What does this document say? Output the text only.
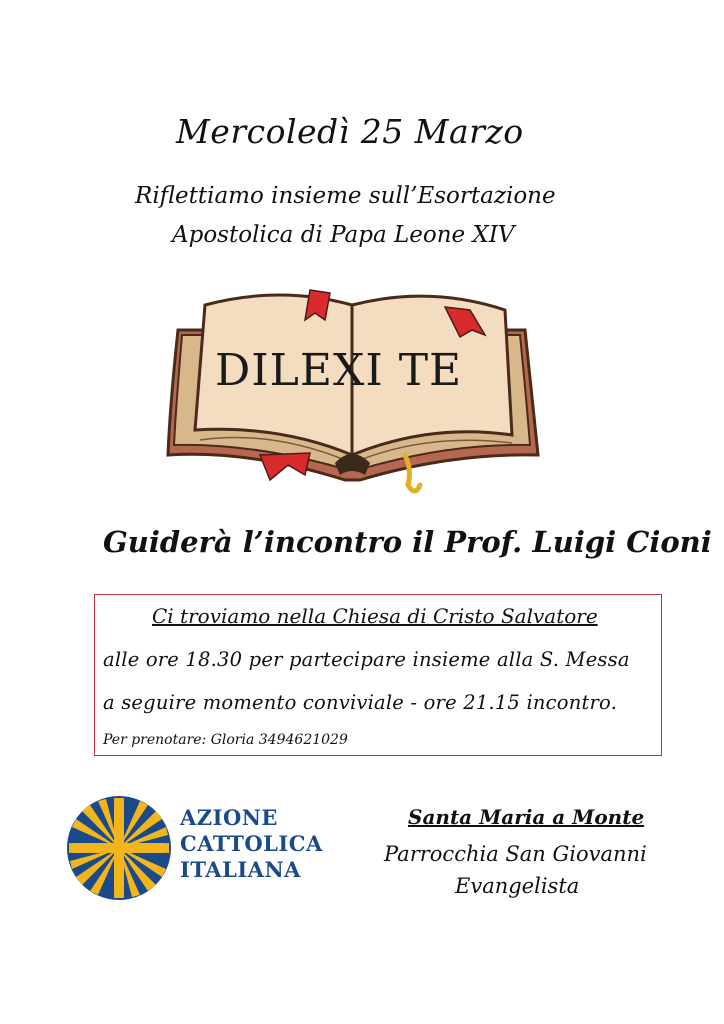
Mercoledì 25 Marzo
Riflettiamo insieme sull’Esortazione
Apostolica di Papa Leone XIV
DILEXI TE
Guiderà l’incontro il Prof. Luigi Cioni
Ci troviamo nella Chiesa di Cristo Salvatore
alle ore 18.30 per partecipare insieme alla S. Messa
a seguire momento conviviale - ore 21.15 incontro.
Per prenotare: Gloria 3494621029
AZIONE
CATTOLICA
ITALIANA
Santa Maria a Monte
Parrocchia San Giovanni
Evangelista
